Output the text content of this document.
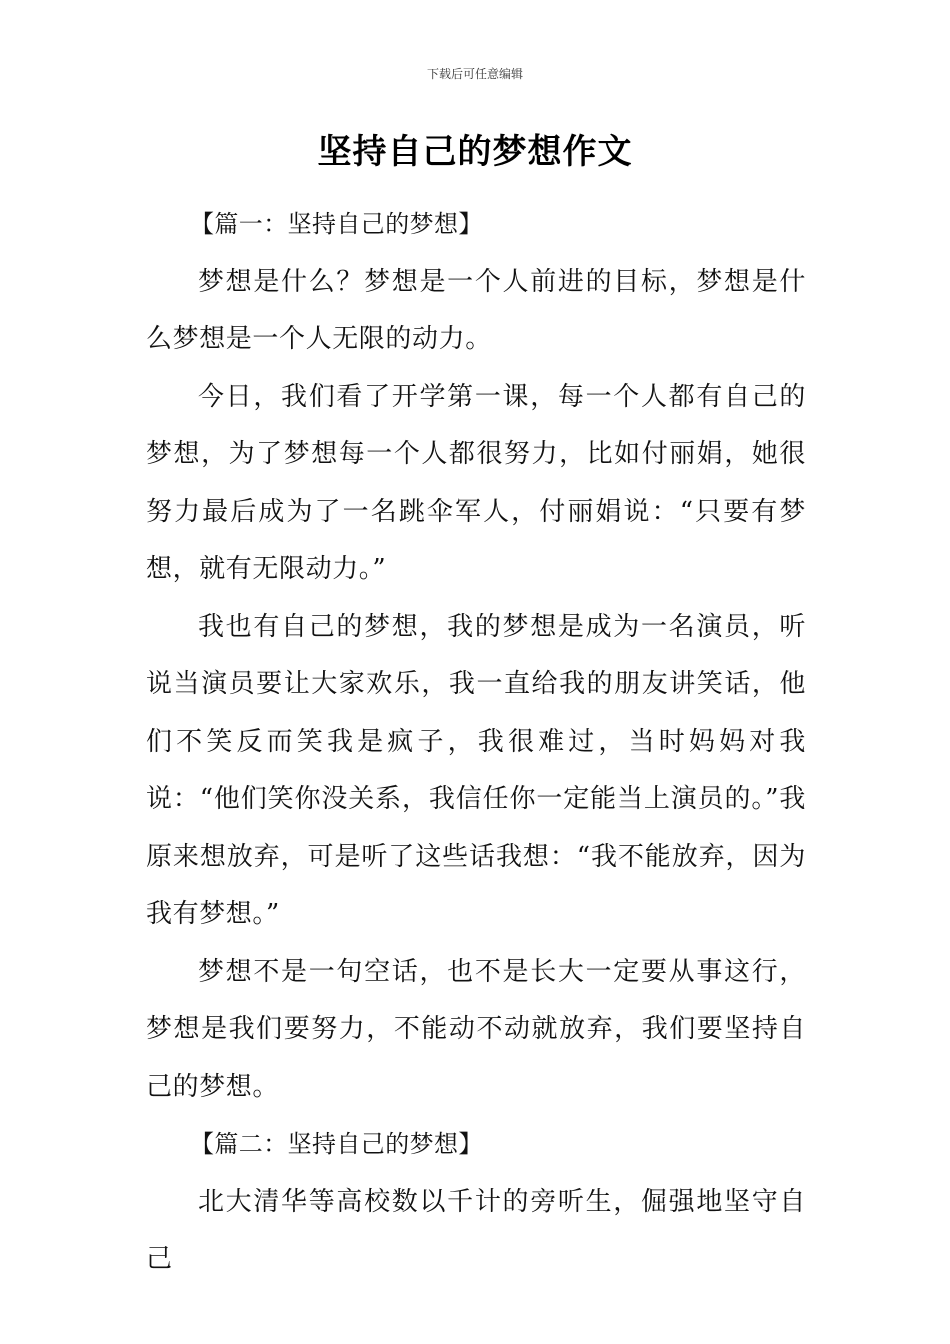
下载后可任意编辑
坚持自己的梦想作文

【篇一：坚持自己的梦想】

梦想是什么？梦想是一个人前进的目标，梦想是什么梦想是一个人无限的动力。

今日，我们看了开学第一课，每一个人都有自己的梦想，为了梦想每一个人都很努力，比如付丽娟，她很努力最后成为了一名跳伞军人，付丽娟说：“只要有梦想，就有无限动力。”

我也有自己的梦想，我的梦想是成为一名演员，听说当演员要让大家欢乐，我一直给我的朋友讲笑话，他们不笑反而笑我是疯子，我很难过，当时妈妈对我说：“他们笑你没关系，我信任你一定能当上演员的。”我原来想放弃，可是听了这些话我想：“我不能放弃，因为我有梦想。”

梦想不是一句空话，也不是长大一定要从事这行，梦想是我们要努力，不能动不动就放弃，我们要坚持自己的梦想。

【篇二：坚持自己的梦想】

北大清华等高校数以千计的旁听生，倔强地坚守自己
